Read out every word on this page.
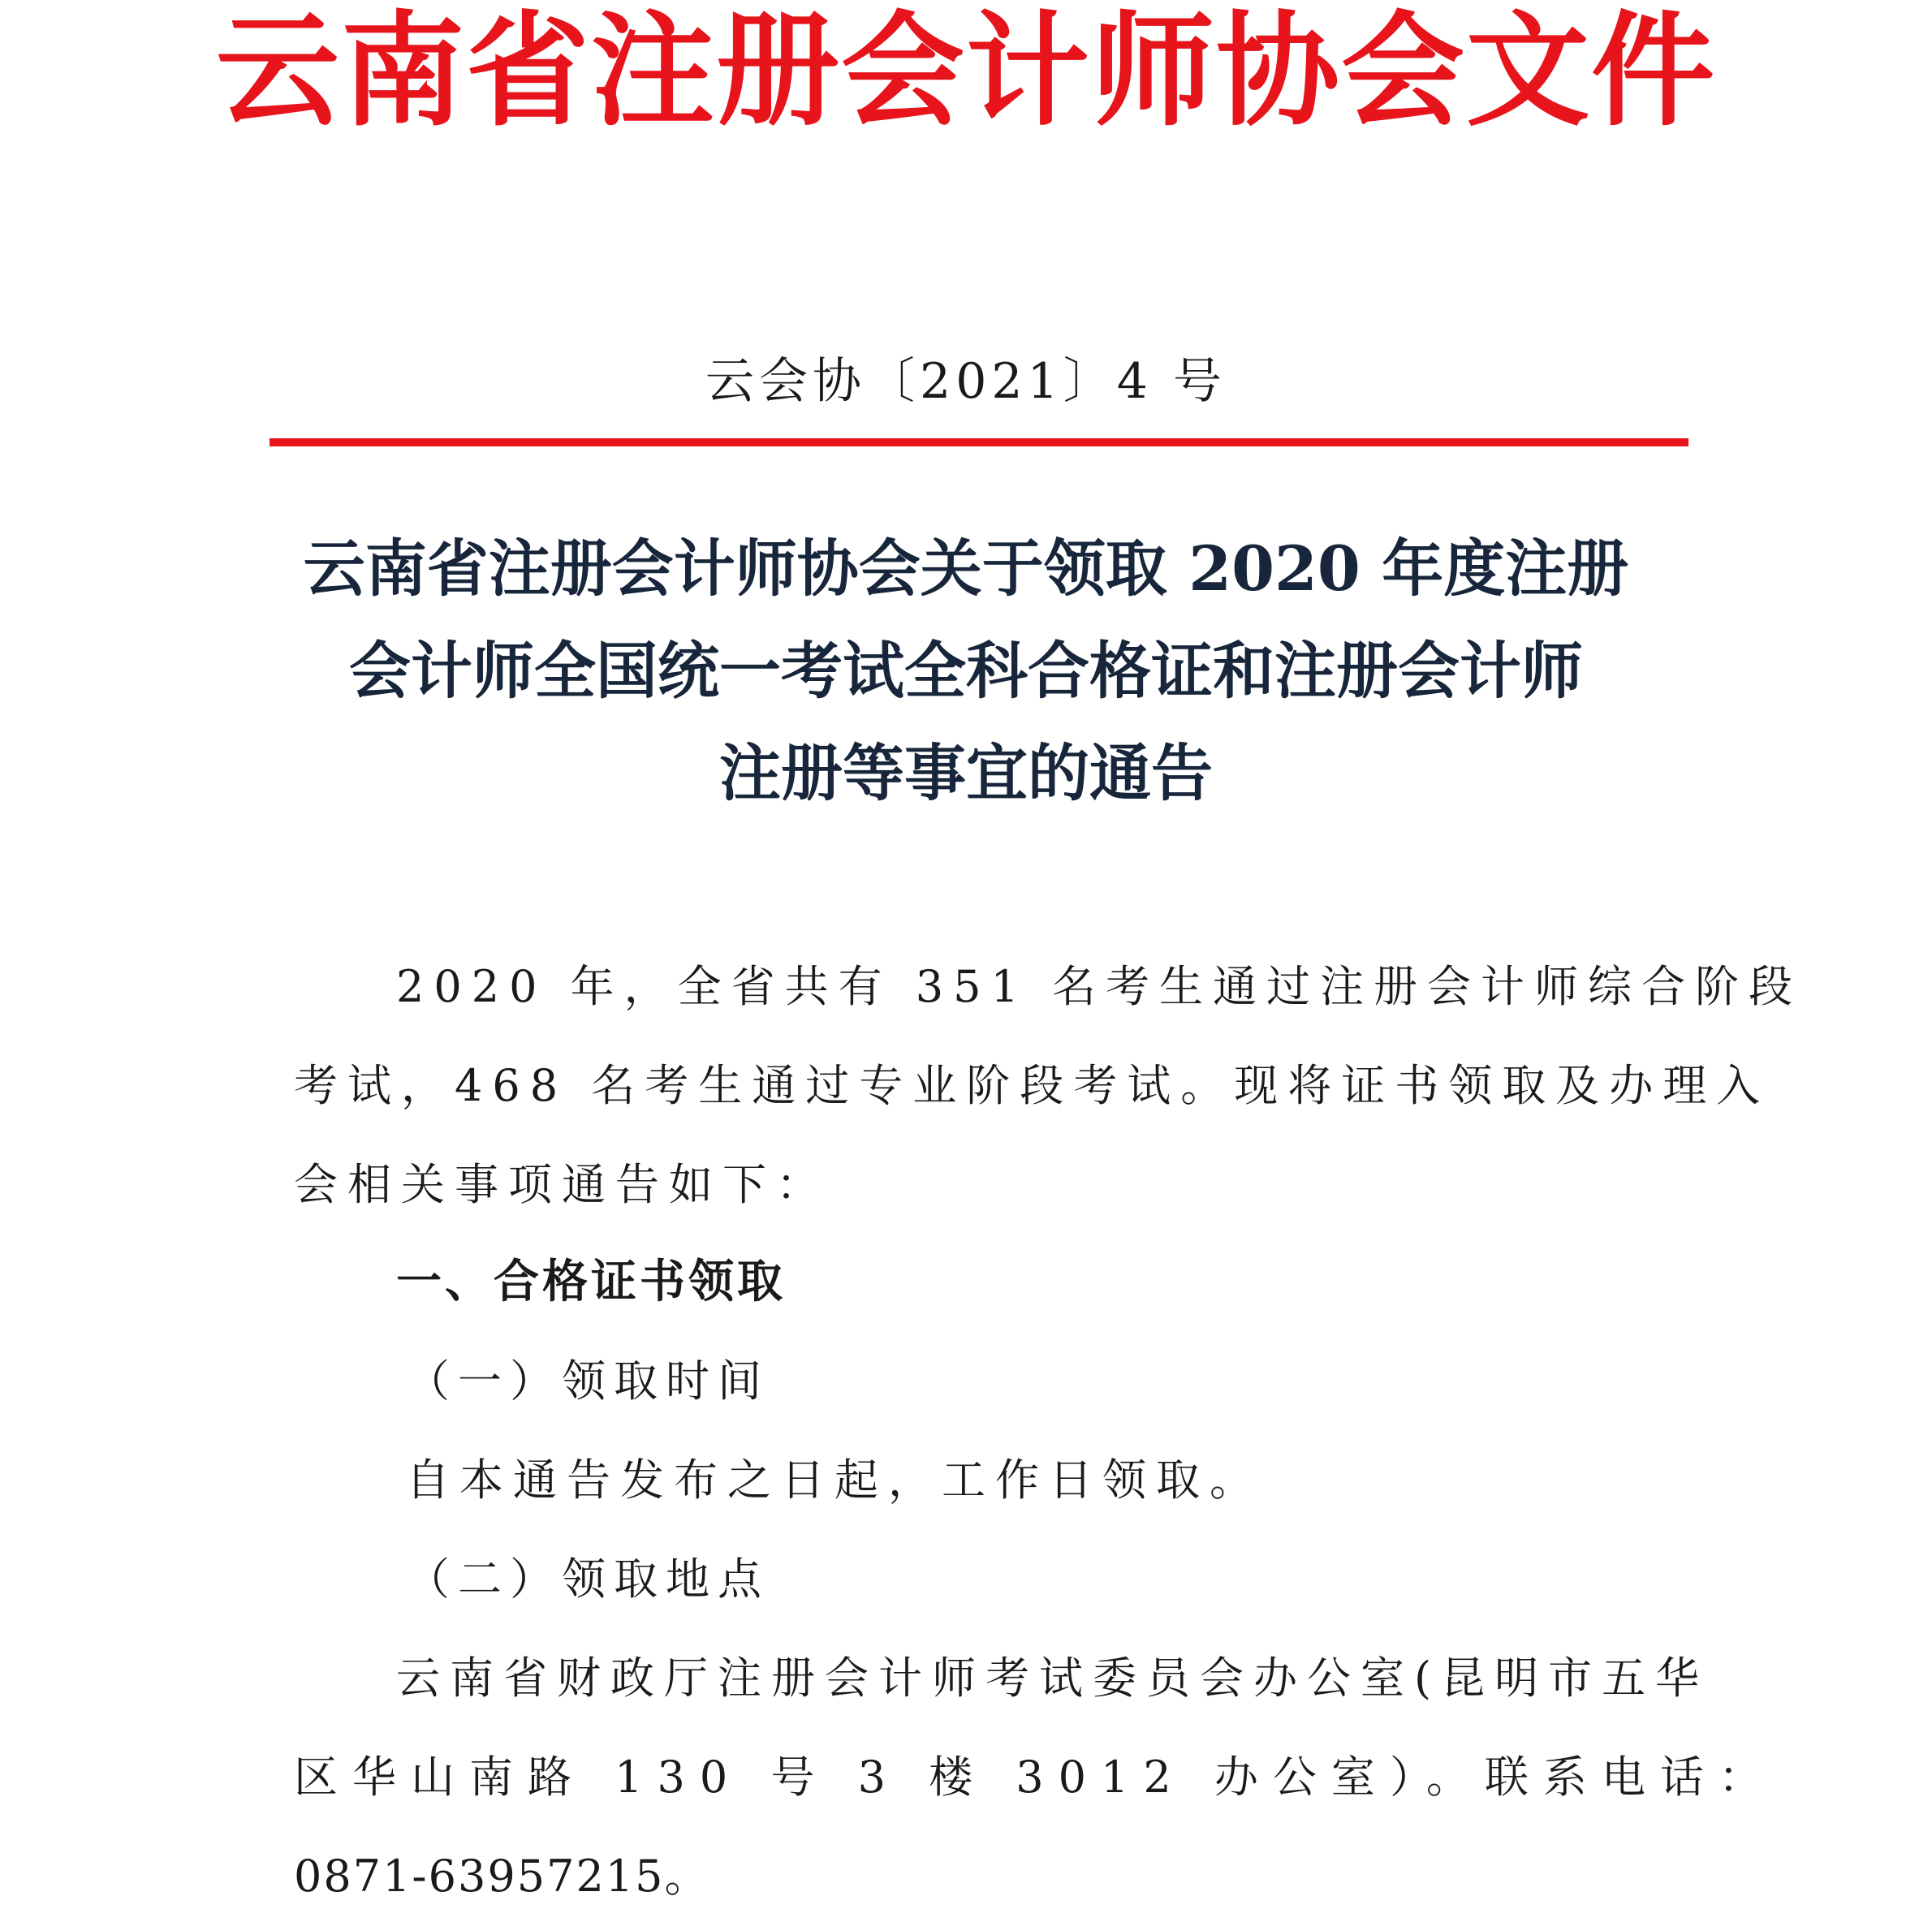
云南省注册会计师协会文件
云会协〔2021〕4 号
云南省注册会计师协会关于领取 2020 年度注册
会计师全国统一考试全科合格证和注册会计师
注册等事宜的通告
2020 年，全省共有 351 名考生通过注册会计师综合阶段
考试，468 名考生通过专业阶段考试。现将证书领取及办理入
会相关事项通告如下：
一、合格证书领取
（一）领取时间
自本通告发布之日起，工作日领取。
（二）领取地点
云南省财政厅注册会计师考试委员会办公室(昆明市五华
区华山南路 130 号 3 楼 3012 办公室）。联系电话：
0871-63957215。
